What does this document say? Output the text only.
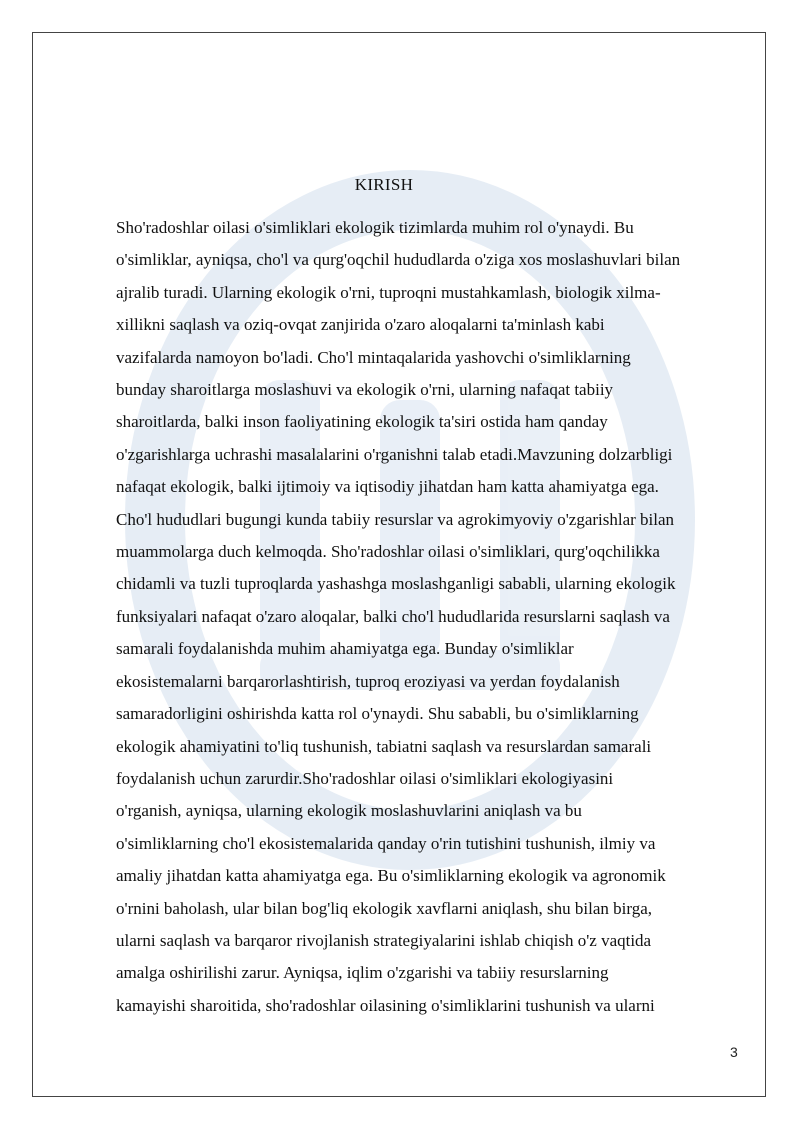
KIRISH
Sho'radoshlar oilasi o'simliklari ekologik tizimlarda muhim rol o'ynaydi. Bu
o'simliklar, ayniqsa, cho'l va qurg'oqchil hududlarda o'ziga xos moslashuvlari bilan
ajralib turadi. Ularning ekologik o'rni, tuproqni mustahkamlash, biologik xilma-
xillikni saqlash va oziq-ovqat zanjirida o'zaro aloqalarni ta'minlash kabi
vazifalarda namoyon bo'ladi. Cho'l mintaqalarida yashovchi o'simliklarning
bunday sharoitlarga moslashuvi va ekologik o'rni, ularning nafaqat tabiiy
sharoitlarda, balki inson faoliyatining ekologik ta'siri ostida ham qanday
o'zgarishlarga uchrashi masalalarini o'rganishni talab etadi.Mavzuning dolzarbligi
nafaqat ekologik, balki ijtimoiy va iqtisodiy jihatdan ham katta ahamiyatga ega.
Cho'l hududlari bugungi kunda tabiiy resurslar va agrokimyoviy o'zgarishlar bilan
muammolarga duch kelmoqda. Sho'radoshlar oilasi o'simliklari, qurg'oqchilikka
chidamli va tuzli tuproqlarda yashashga moslashganligi sababli, ularning ekologik
funksiyalari nafaqat o'zaro aloqalar, balki cho'l hududlarida resurslarni saqlash va
samarali foydalanishda muhim ahamiyatga ega. Bunday o'simliklar
ekosistemalarni barqarorlashtirish, tuproq eroziyasi va yerdan foydalanish
samaradorligini oshirishda katta rol o'ynaydi. Shu sababli, bu o'simliklarning
ekologik ahamiyatini to'liq tushunish, tabiatni saqlash va resurslardan samarali
foydalanish uchun zarurdir.Sho'radoshlar oilasi o'simliklari ekologiyasini
o'rganish, ayniqsa, ularning ekologik moslashuvlarini aniqlash va bu
o'simliklarning cho'l ekosistemalarida qanday o'rin tutishini tushunish, ilmiy va
amaliy jihatdan katta ahamiyatga ega. Bu o'simliklarning ekologik va agronomik
o'rnini baholash, ular bilan bog'liq ekologik xavflarni aniqlash, shu bilan birga,
ularni saqlash va barqaror rivojlanish strategiyalarini ishlab chiqish o'z vaqtida
amalga oshirilishi zarur. Ayniqsa, iqlim o'zgarishi va tabiiy resurslarning
kamayishi sharoitida, sho'radoshlar oilasining o'simliklarini tushunish va ularni
3
